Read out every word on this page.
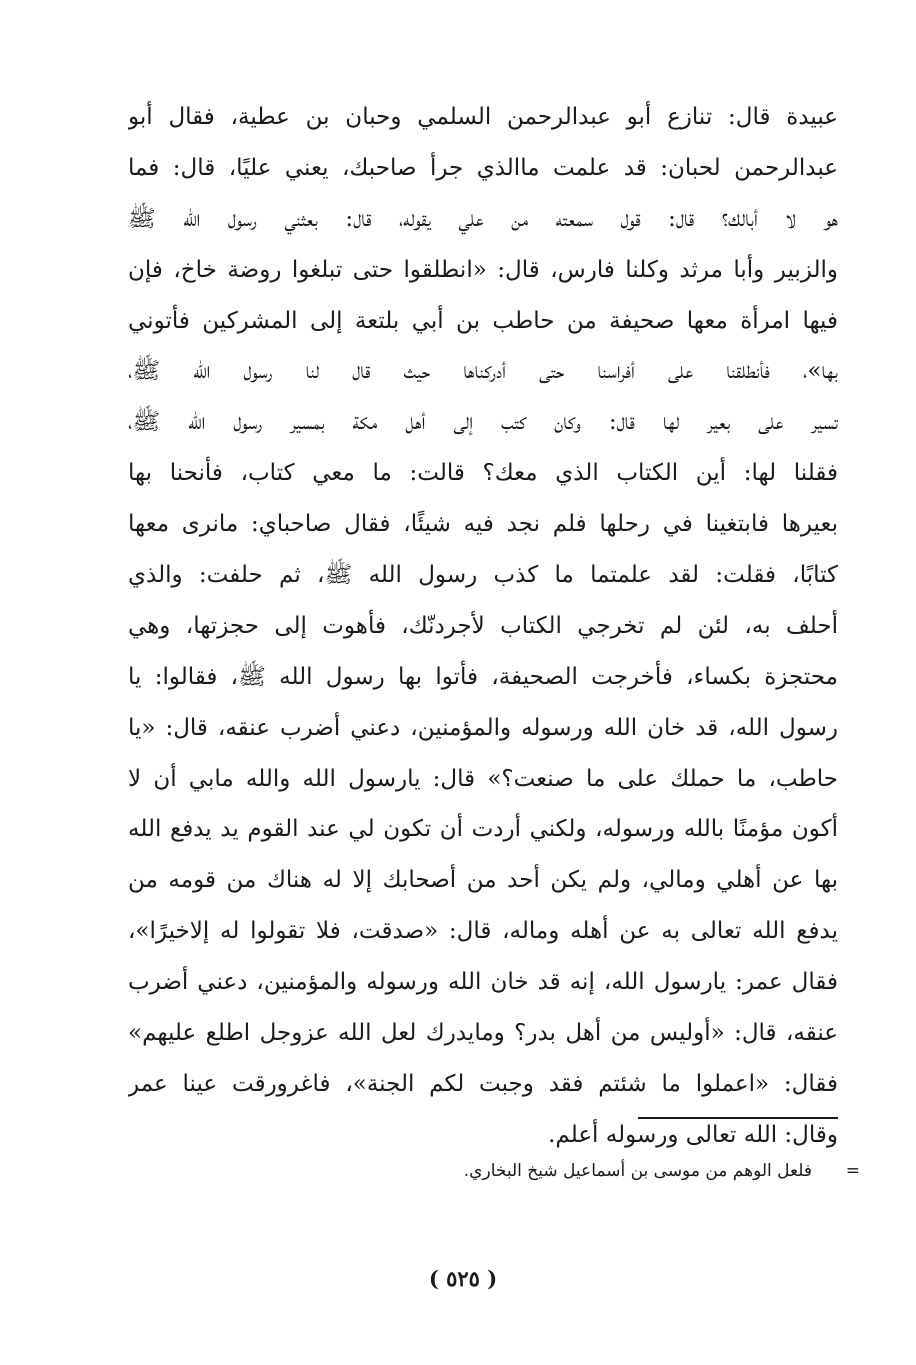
عبيدة قال: تنازع أبو عبدالرحمن السلمي وحبان بن عطية، فقال أبو
عبدالرحمن لحبان: قد علمت ماالذي جرأ صاحبك، يعني عليًا، قال: فما
هو لا أبالك؟ قال: قول سمعته من علي يقوله، قال: بعثني رسول الله ﷺ
والزبير وأبا مرثد وكلنا فارس، قال: «انطلقوا حتى تبلغوا روضة خاخ، فإن
فيها امرأة معها صحيفة من حاطب بن أبي بلتعة إلى المشركين فأتوني
بها»، فأنطلقنا على أفراسنا حتى أدركناها حيث قال لنا رسول الله ﷺ،
تسير على بعير لها قال: وكان كتب إلى أهل مكة بمسير رسول الله ﷺ،
فقلنا لها: أين الكتاب الذي معك؟ قالت: ما معي كتاب، فأنحنا بها
بعيرها فابتغينا في رحلها فلم نجد فيه شيئًا، فقال صاحباي: مانرى معها
كتابًا، فقلت: لقد علمتما ما كذب رسول الله ﷺ، ثم حلفت: والذي
أحلف به، لئن لم تخرجي الكتاب لأجردنّك، فأهوت إلى حجزتها، وهي
محتجزة بكساء، فأخرجت الصحيفة، فأتوا بها رسول الله ﷺ، فقالوا: يا
رسول الله، قد خان الله ورسوله والمؤمنين، دعني أضرب عنقه، قال: «يا
حاطب، ما حملك على ما صنعت؟» قال: يارسول الله والله مابي أن لا
أكون مؤمنًا بالله ورسوله، ولكني أردت أن تكون لي عند القوم يد يدفع الله
بها عن أهلي ومالي، ولم يكن أحد من أصحابك إلا له هناك من قومه من
يدفع الله تعالى به عن أهله وماله، قال: «صدقت، فلا تقولوا له إلاخيرًا»،
فقال عمر: يارسول الله، إنه قد خان الله ورسوله والمؤمنين، دعني أضرب
عنقه، قال: «أوليس من أهل بدر؟ ومايدرك لعل الله عزوجل اطلع عليهم»
فقال: «اعملوا ما شئتم فقد وجبت لكم الجنة»، فاغرورقت عينا عمر
وقال: الله تعالى ورسوله أعلم.
=
فلعل الوهم من موسى بن أسماعيل شيخ البخاري.
( ٥٢٥ )
